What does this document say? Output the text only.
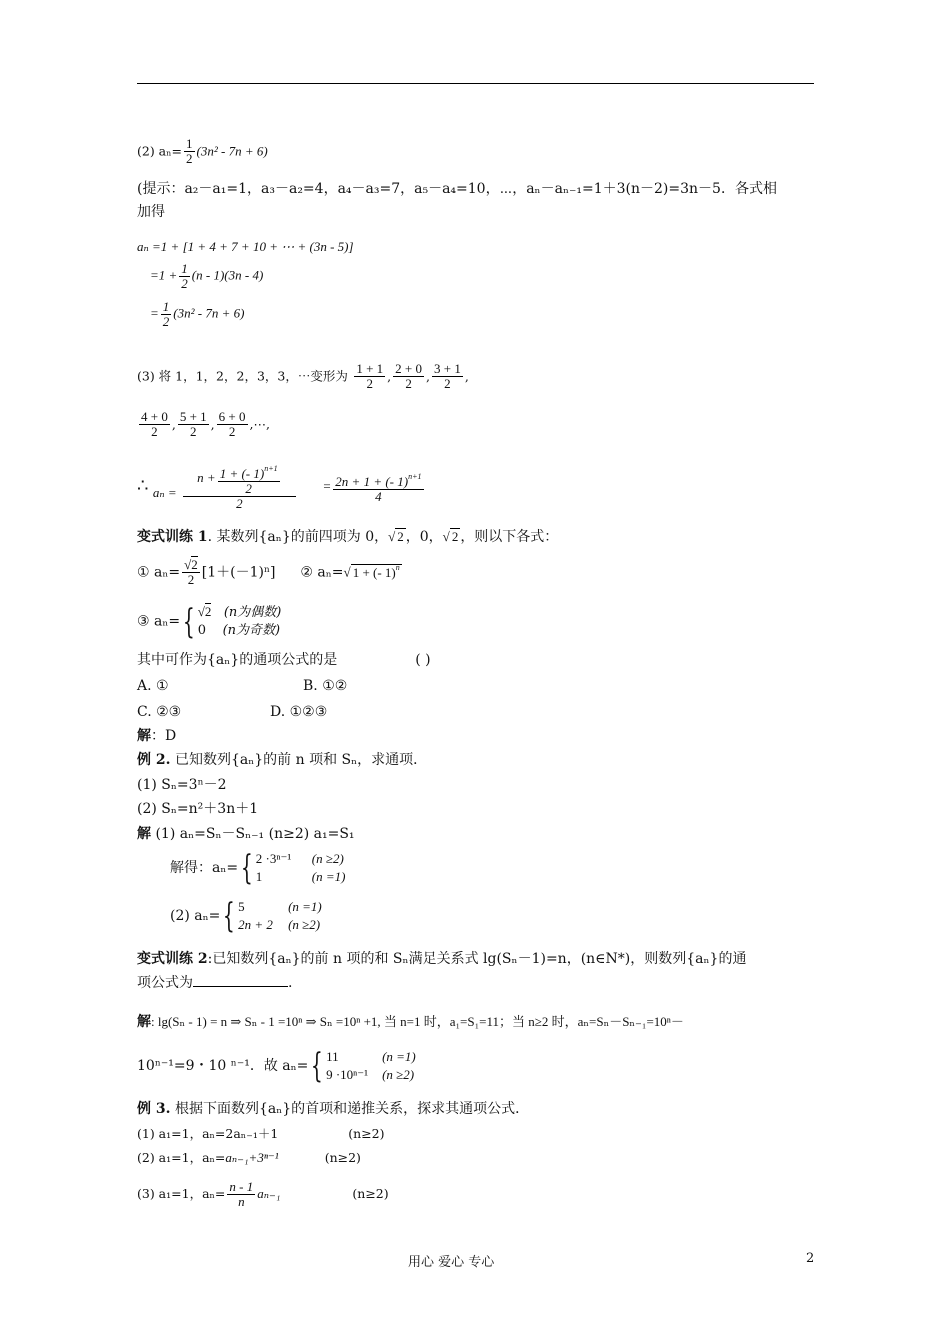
(2) $a_n= \frac{1}{2} (3n^2 - 7n + 6)$
(提示：a₂－a₁=1，a₃－a₂=4，a₄－a₃=7，a₅－a₄=10，⋯，aₙ－aₙ₋₁=1＋3(n－2)=3n－5．各式相
加得
aₙ =1 + [1 + 4 + 7 + 10 + ⋯ + (3n - 5)]
$=1 + \frac{1}{2} (n - 1)(3n - 4)$
= $\frac{1}{2} (3n^2 - 7n + 6)$
(3) 将 1，1，2，2，3，3，⋯变形为 $\frac{1 + 1}{2}$ , $\frac{2 + 0}{2}$ , $\frac{3 + 1}{2}$ ,
$\frac{4 + 0}{2}$ , $\frac{5 + 1}{2}$ , $\frac{6 + 0}{2}$ ,⋯,
∴ $a_n = \frac{n + \frac{1 + (- 1)^{n+1}}{2}}{2} = \frac{2n + 1 + (- 1)^{n+1}}{4}$
变式训练 1. 某数列{aₙ}的前四项为 0，√ 2 ，0，√ 2 ，则以下各式：
① $a_n= \frac{√2}{2} [1+(-1)^n]$ ② aₙ=√ 1 + (- 1)$^n$
③ aₙ={ √2 (n为偶数)
0 (n为奇数)
其中可作为{aₙ}的通项公式的是	( )
A. ①	B. ①②
C. ②③	D. ①②③
解：D
例 2. 已知数列{aₙ}的前 n 项和 Sₙ，求通项．
(1) Sₙ=3ⁿ－2
(2) Sₙ=n²＋3n＋1
解 (1) aₙ=Sₙ－Sₙ₋₁ (n≥2) a₁=S₁
解得：aₙ={ 2 ·3ⁿ⁻¹ (n ≥2)
1	(n =1)
(2) aₙ={ 5	(n =1)
2n + 2 (n ≥2)
变式训练 2:已知数列{aₙ}的前 n 项的和 Sₙ满足关系式 lg(Sₙ－1)=n，(n∈N*)，则数列{aₙ}的通
项公式为	.
解: lg(Sₙ - 1) = n ⇒ Sₙ - 1 =10ⁿ ⇒ Sₙ =10ⁿ +1, 当 n=1 时，a₁=S₁=11；当 n≥2 时，aₙ=Sₙ－Sₙ₋₁=10ⁿ－
10ⁿ⁻¹=9・10 ⁿ⁻¹．故 aₙ={ 11	(n =1)
9 ·10ⁿ⁻¹ (n ≥2)
例 3. 根据下面数列{aₙ}的首项和递推关系，探求其通项公式．
(1) a₁=1，aₙ=2aₙ₋₁＋1	(n≥2)
(2) a₁=1，aₙ=aₙ₋₁+3ⁿ⁻¹	(n≥2)
(3) a₁=1，$a_n= \frac{n - 1}{n} a_{n-1}$	(n≥2)
用心 爱心 专心	2
